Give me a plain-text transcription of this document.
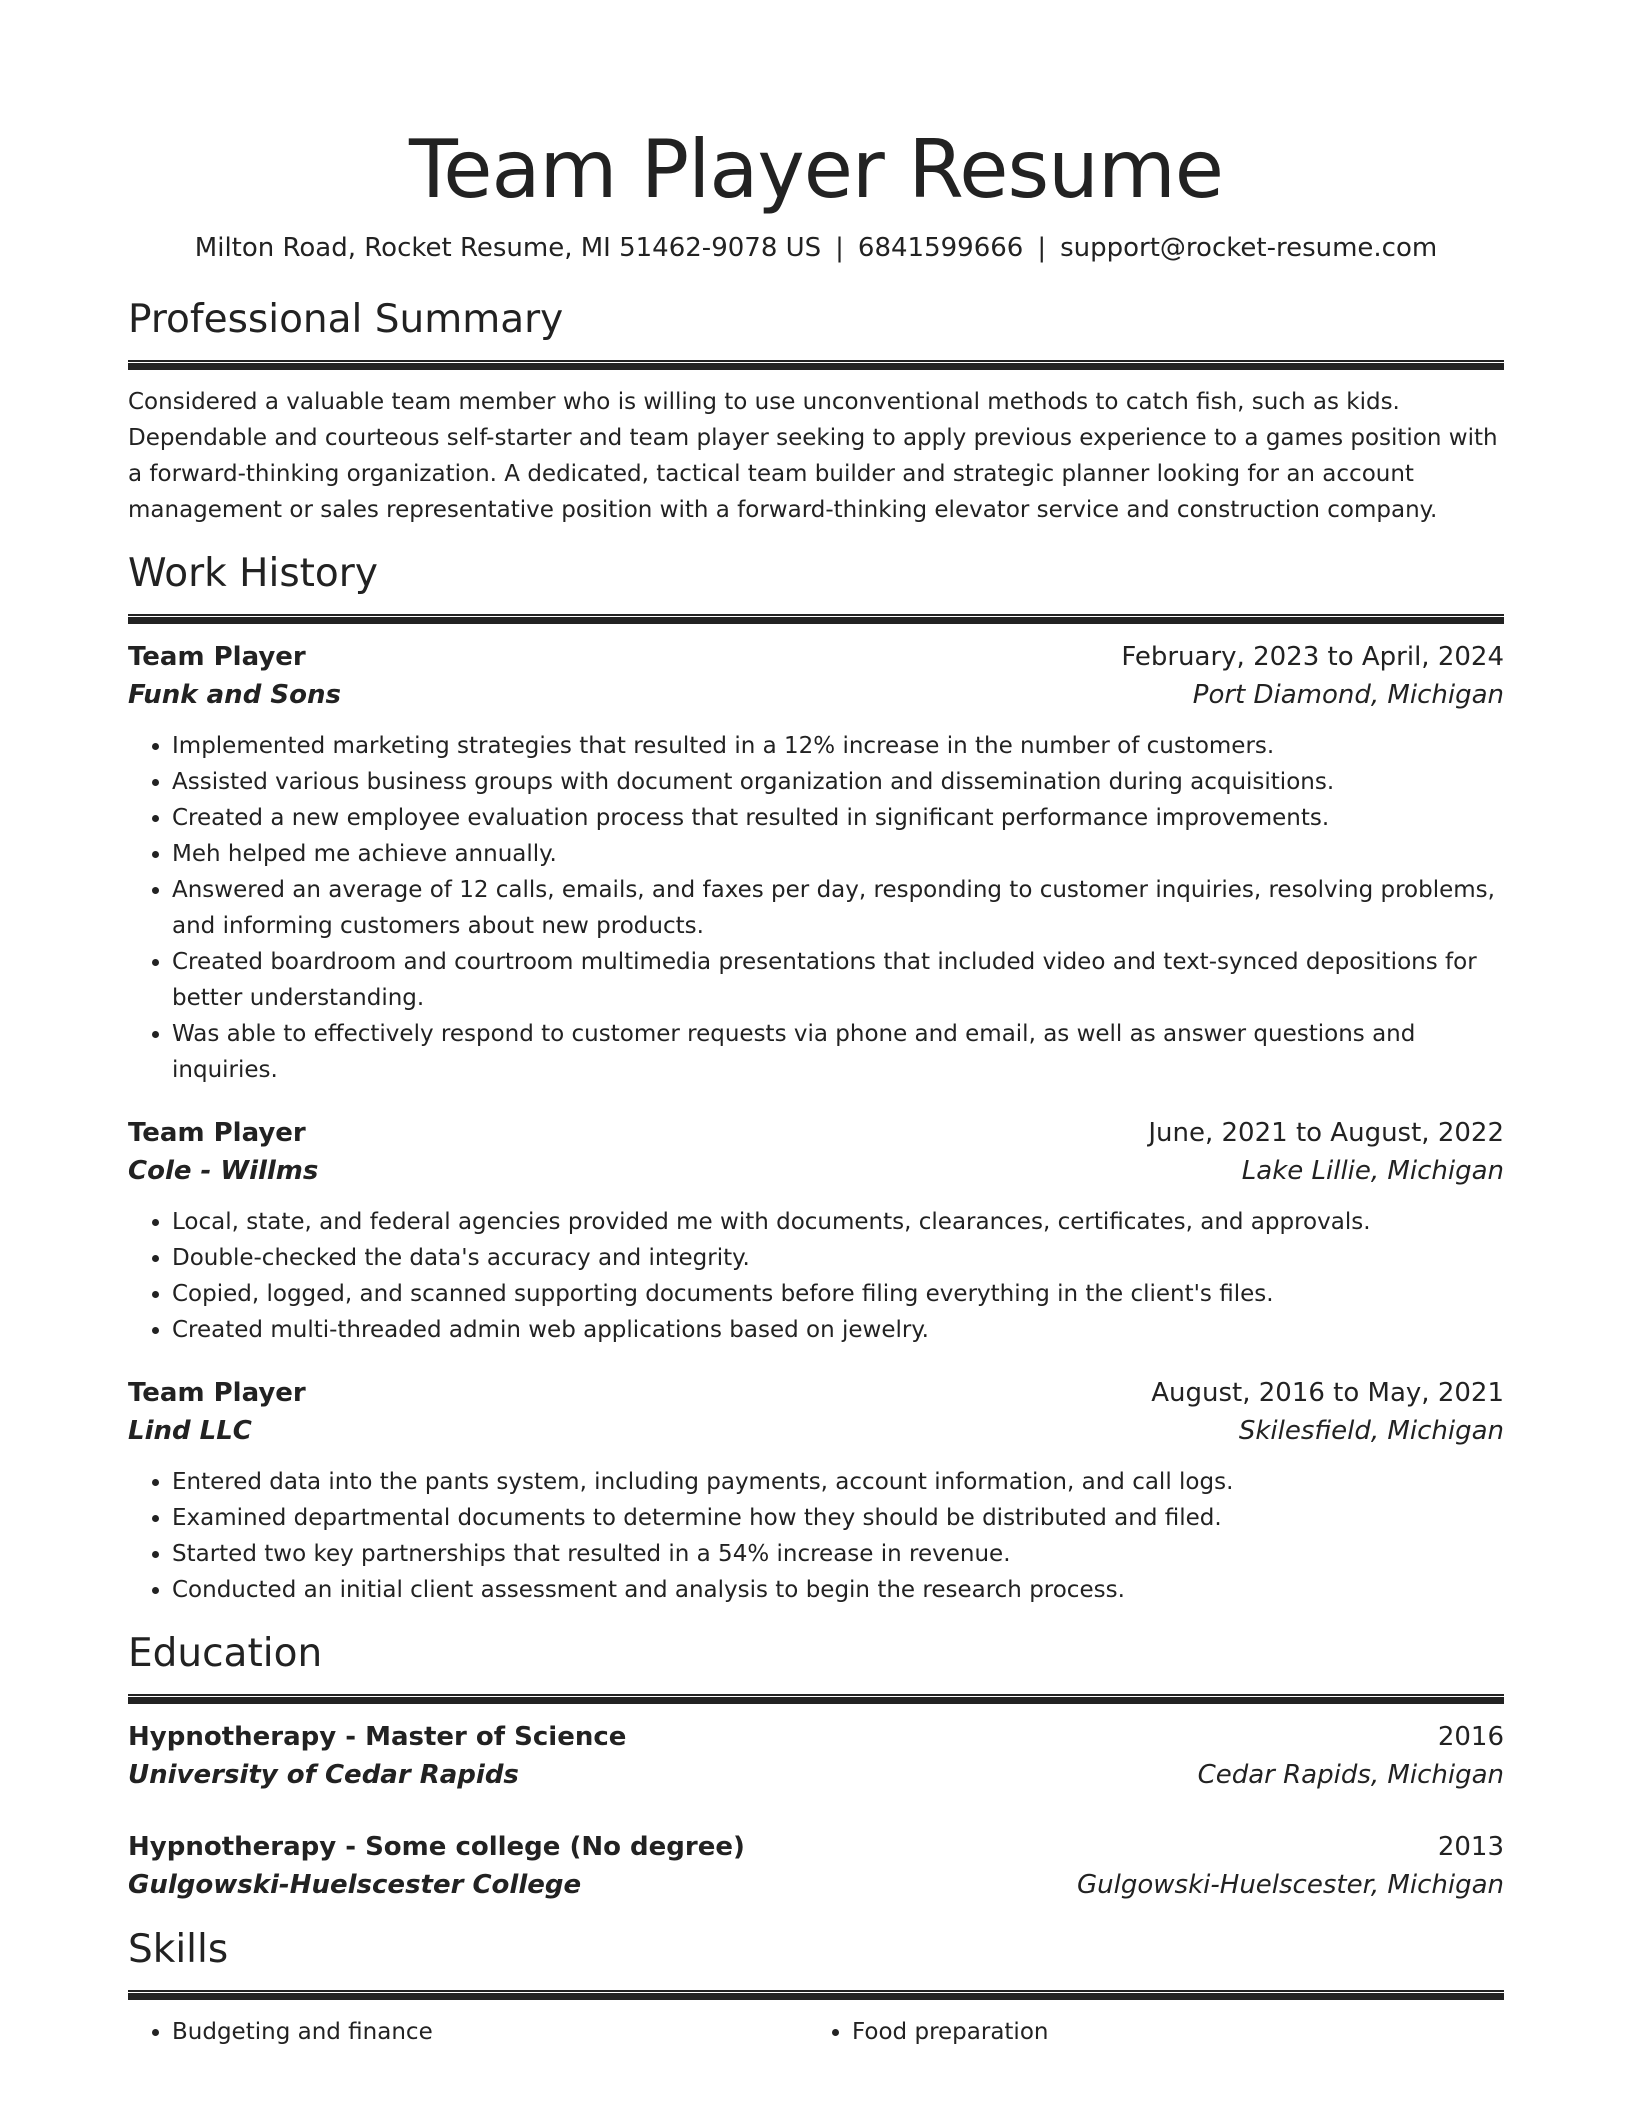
Team Player Resume
Milton Road, Rocket Resume, MI 51462-9078 US | 6841599666 | support@rocket-resume.com
Professional Summary
Considered a valuable team member who is willing to use unconventional methods to catch fish, such as kids. Dependable and courteous self-starter and team player seeking to apply previous experience to a games position with a forward-thinking organization. A dedicated, tactical team builder and strategic planner looking for an account management or sales representative position with a forward-thinking elevator service and construction company.
Work History
Team Player	February, 2023 to April, 2024
Funk and Sons	Port Diamond, Michigan
• Implemented marketing strategies that resulted in a 12% increase in the number of customers.
• Assisted various business groups with document organization and dissemination during acquisitions.
• Created a new employee evaluation process that resulted in significant performance improvements.
• Meh helped me achieve annually.
• Answered an average of 12 calls, emails, and faxes per day, responding to customer inquiries, resolving problems, and informing customers about new products.
• Created boardroom and courtroom multimedia presentations that included video and text-synced depositions for better understanding.
• Was able to effectively respond to customer requests via phone and email, as well as answer questions and inquiries.
Team Player	June, 2021 to August, 2022
Cole - Willms	Lake Lillie, Michigan
• Local, state, and federal agencies provided me with documents, clearances, certificates, and approvals.
• Double-checked the data's accuracy and integrity.
• Copied, logged, and scanned supporting documents before filing everything in the client's files.
• Created multi-threaded admin web applications based on jewelry.
Team Player	August, 2016 to May, 2021
Lind LLC	Skilesfield, Michigan
• Entered data into the pants system, including payments, account information, and call logs.
• Examined departmental documents to determine how they should be distributed and filed.
• Started two key partnerships that resulted in a 54% increase in revenue.
• Conducted an initial client assessment and analysis to begin the research process.
Education
Hypnotherapy - Master of Science	2016
University of Cedar Rapids	Cedar Rapids, Michigan
Hypnotherapy - Some college (No degree)	2013
Gulgowski-Huelscester College	Gulgowski-Huelscester, Michigan
Skills
• Budgeting and finance
•	Food preparation
